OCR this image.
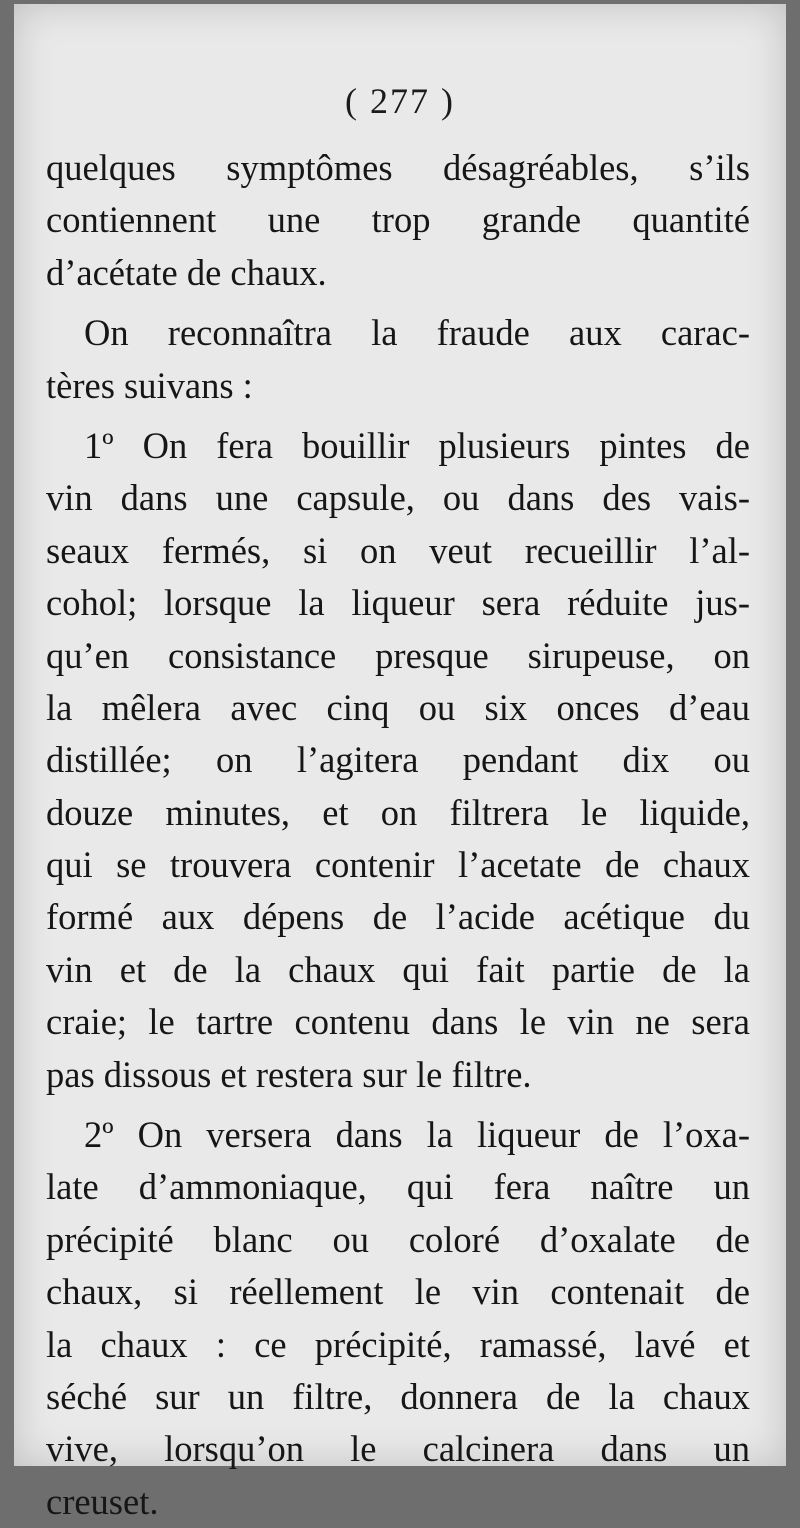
( 277 )
quelques symptômes désagréables, s’ils
contiennent une trop grande quantité
d’acétate de chaux.
On reconnaîtra la fraude aux carac-
tères suivans :
1º On fera bouillir plusieurs pintes de
vin dans une capsule, ou dans des vais-
seaux fermés, si on veut recueillir l’al-
cohol; lorsque la liqueur sera réduite jus-
qu’en consistance presque sirupeuse, on
la mêlera avec cinq ou six onces d’eau
distillée; on l’agitera pendant dix ou
douze minutes, et on filtrera le liquide,
qui se trouvera contenir l’acetate de chaux
formé aux dépens de l’acide acétique du
vin et de la chaux qui fait partie de la
craie; le tartre contenu dans le vin ne sera
pas dissous et restera sur le filtre.
2º On versera dans la liqueur de l’oxa-
late d’ammoniaque, qui fera naître un
précipité blanc ou coloré d’oxalate de
chaux, si réellement le vin contenait de
la chaux : ce précipité, ramassé, lavé et
séché sur un filtre, donnera de la chaux
vive, lorsqu’on le calcinera dans un
creuset.
